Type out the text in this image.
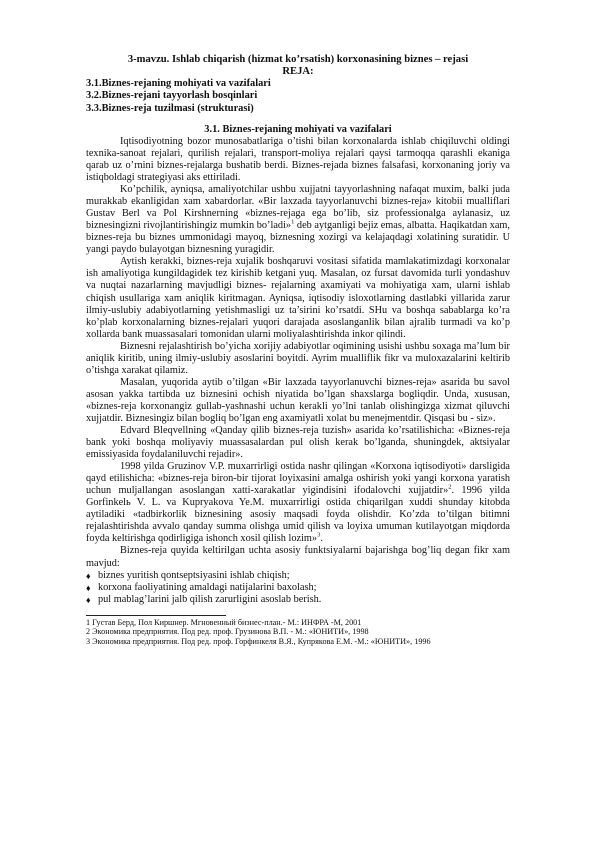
3-mavzu. Ishlab chiqarish (hizmat ko’rsatish) korxonasining biznes – rejasi
REJA:
3.1.Biznes-rejaning mohiyati va vazifalari
3.2.Biznes-rejani tayyorlash bosqinlari
3.3.Biznes-reja tuzilmasi (strukturasi)
3.1. Biznes-rejaning mohiyati va vazifalari

Iqtisodiyotning bozor munosabatlariga o’tishi bilan korxonalarda ishlab chiqiluvchi oldingi texnika-sanoat rejalari, qurilish rejalari, transport-moliya rejalari qaysi tarmoqqa qarashli ekaniga qarab uz o’rnini biznes-rejalarga bushatib berdi. Biznes-rejada biznes falsafasi, korxonaning joriy va istiqboldagi strategiyasi aks ettiriladi.

Ko’pchilik, ayniqsa, amaliyotchilar ushbu xujjatni tayyorlashning nafaqat muxim, balki juda murakkab ekanligidan xam xabardorlar. «Bir laxzada tayyorlanuvchi biznes-reja» kitobii mualliflari Gustav Berl va Pol Kirshnerning «biznes-rejaga ega bo’lib, siz professionalga aylanasiz, uz biznesingizni rivojlantirishingiz mumkin bo’ladi»$^1$ deb aytganligi bejiz emas, albatta. Haqikatdan xam, biznes-reja bu biznes ummonidagi mayoq, biznesning xozirgi va kelajaqdagi xolatining suratidir. U yangi paydo bulayotgan biznesning yuragidir.

Aytish kerakki, biznes-reja xujalik boshqaruvi vositasi sifatida mamlakatimizdagi korxonalar ish amaliyotiga kungildagidek tez kirishib ketgani yuq. Masalan, oz fursat davomida turli yondashuv va nuqtai nazarlarning mavjudligi biznes- rejalarning axamiyati va mohiyatiga xam, ularni ishlab chiqish usullariga xam aniqlik kiritmagan. Ayniqsa, iqtisodiy isloxotlarning dastlabki yillarida zarur ilmiy-uslubiy adabiyotlarning yetishmasligi uz ta’sirini ko’rsatdi. SHu va boshqa sabablarga ko’ra ko’plab korxonalarning biznes-rejalari yuqori darajada asoslanganlik bilan ajralib turmadi va ko’p xollarda bank muassasalari tomonidan ularni moliyalashtirishda inkor qilindi.

Biznesni rejalashtirish bo’yicha xorijiy adabiyotlar oqimining usishi ushbu soxaga ma’lum bir aniqlik kiritib, uning ilmiy-uslubiy asoslarini boyitdi. Ayrim mualliflik fikr va muloxazalarini keltirib o’tishga xarakat qilamiz.

Masalan, yuqorida aytib o’tilgan «Bir laxzada tayyorlanuvchi biznes-reja» asarida bu savol asosan yakka tartibda uz biznesini ochish niyatida bo’lgan shaxslarga bogliqdir. Unda, xususan, «biznes-reja korxonangiz gullab-yashnashi uchun kerakli yo’lni tanlab olishingizga xizmat qiluvchi xujjatdir. Biznesingiz bilan bogliq bo’lgan eng axamiyatli xolat bu menejmentdir. Qisqasi bu - siz».

Edvard Bleqvellning «Qanday qilib biznes-reja tuzish» asarida ko’rsatilishicha: «Biznes-reja bank yoki boshqa moliyaviy muassasalardan pul olish kerak bo’lganda, shuningdek, aktsiyalar emissiyasida foydalaniluvchi rejadir».

1998 yilda Gruzinov V.P. muxarrirligi ostida nashr qilingan «Korxona iqtisodiyoti» darsligida qayd etilishicha: «biznes-reja biron-bir tijorat loyixasini amalga oshirish yoki yangi korxona yaratish uchun muljallangan asoslangan xatti-xarakatlar yigindisini ifodalovchi xujjatdir»$^2$. 1996 yilda Gorfinkelь V. L. va Kupryakova Ye.M. muxarrirligi ostida chiqarilgan xuddi shunday kitobda aytiladiki «tadbirkorlik biznesining asosiy maqsadi foyda olishdir. Ko’zda to’tilgan bitimni rejalashtirishda avvalo qanday summa olishga umid qilish va loyixa umuman kutilayotgan miqdorda foyda keltirishga qodirligiga ishonch xosil qilish lozim»$^3$.

Biznes-reja quyida keltirilgan uchta asosiy funktsiyalarni bajarishga bog’liq degan fikr xam mavjud:

♦ biznes yuritish qontseptsiyasini ishlab chiqish;
♦ korxona faoliyatining amaldagi natijalarini baxolash;
♦ pul mablag’larini jalb qilish zarurligini asoslab berish.
1 Густав Берд, Пол Киршнер. Мгновенный бизнес-план.- М.: ИНФРА -М, 2001
2 Экономика предприятия. Под ред. проф. Грузинова В.П. - М.: «ЮНИТИ», 1998
3 Экономика предприятия. Под ред. проф. Горфинкеля В.Я., Купрякова Е.М. -М.: «ЮНИТИ», 1996
